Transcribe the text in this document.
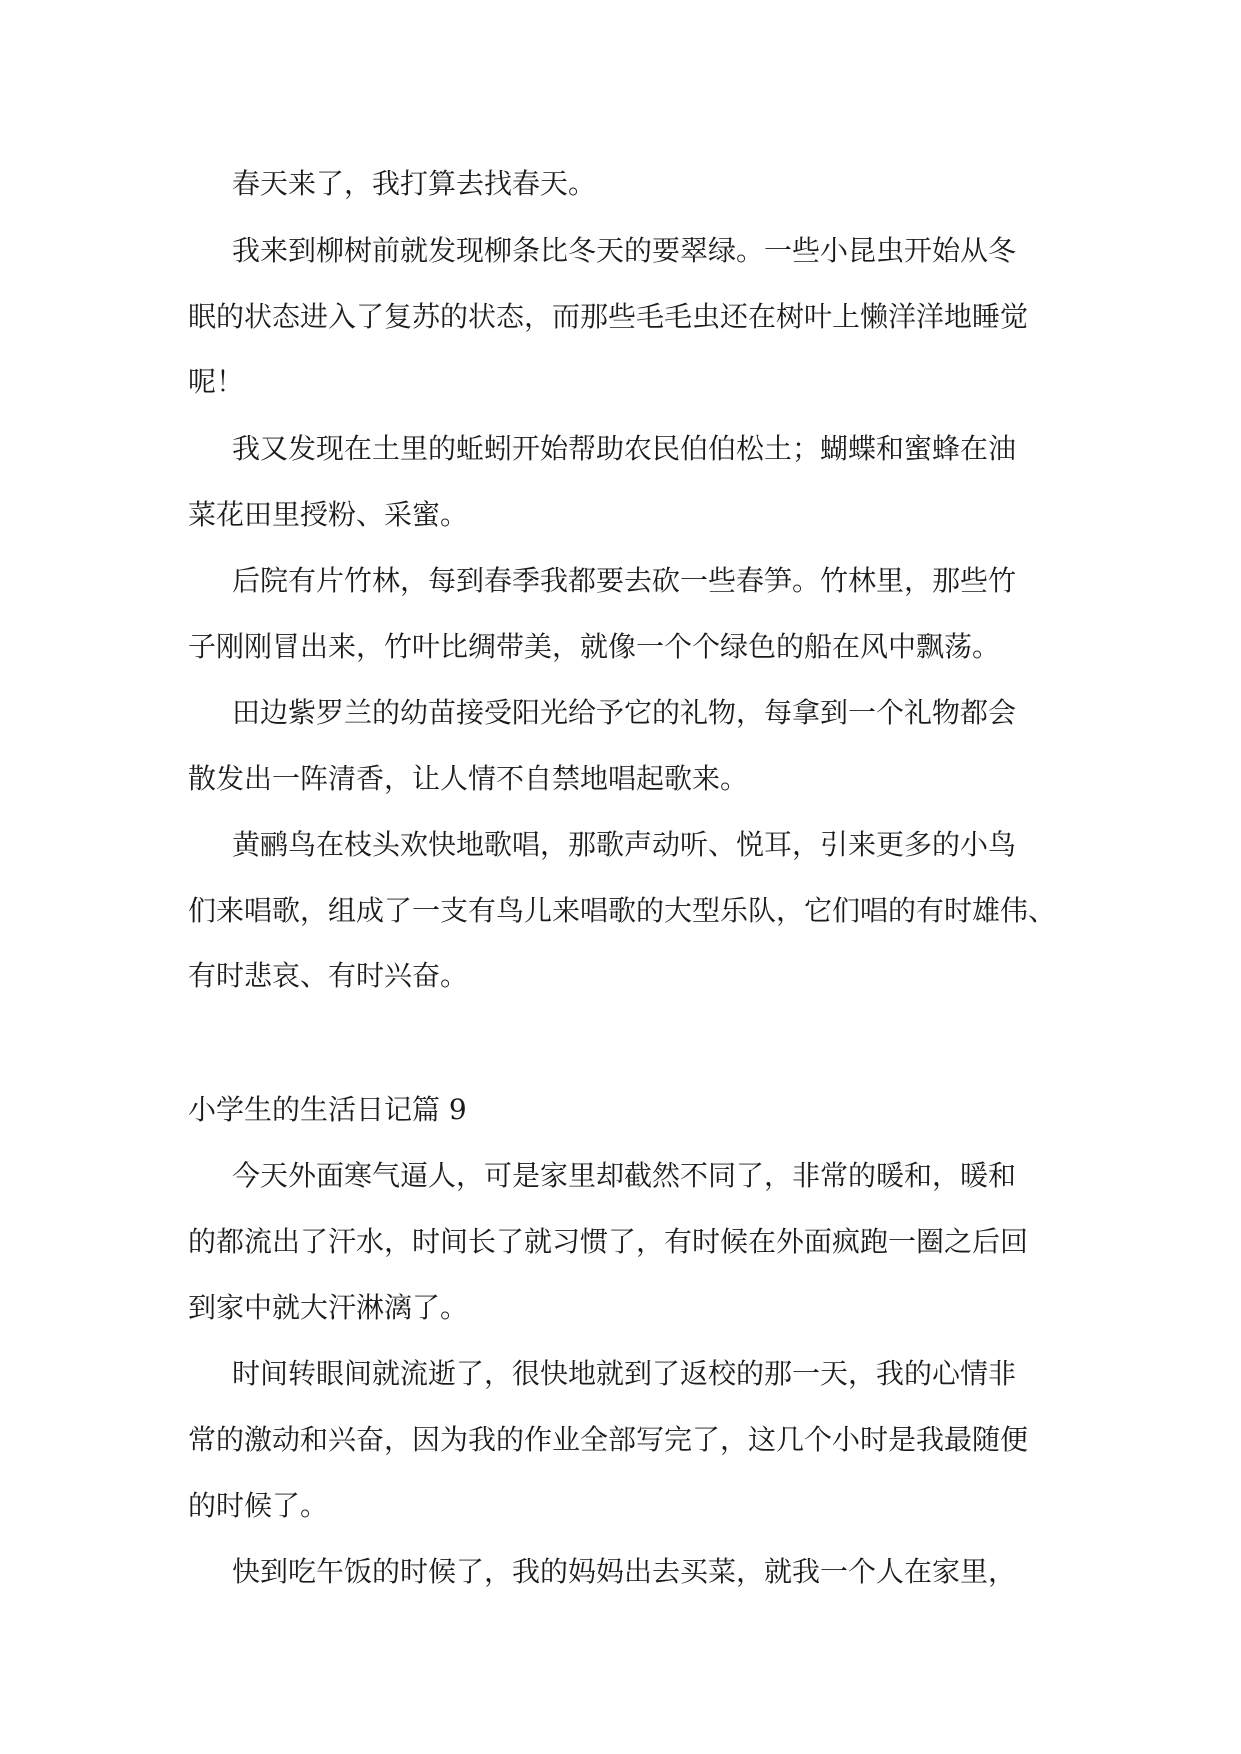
春天来了，我打算去找春天。
我来到柳树前就发现柳条比冬天的要翠绿。一些小昆虫开始从冬
眠的状态进入了复苏的状态，而那些毛毛虫还在树叶上懒洋洋地睡觉
呢！
我又发现在土里的蚯蚓开始帮助农民伯伯松土；蝴蝶和蜜蜂在油
菜花田里授粉、采蜜。
后院有片竹林，每到春季我都要去砍一些春笋。竹林里，那些竹
子刚刚冒出来，竹叶比绸带美，就像一个个绿色的船在风中飘荡。
田边紫罗兰的幼苗接受阳光给予它的礼物，每拿到一个礼物都会
散发出一阵清香，让人情不自禁地唱起歌来。
黄鹂鸟在枝头欢快地歌唱，那歌声动听、悦耳，引来更多的小鸟
们来唱歌，组成了一支有鸟儿来唱歌的大型乐队，它们唱的有时雄伟、
有时悲哀、有时兴奋。
小学生的生活日记篇 9
今天外面寒气逼人，可是家里却截然不同了，非常的暖和，暖和
的都流出了汗水，时间长了就习惯了，有时候在外面疯跑一圈之后回
到家中就大汗淋漓了。
时间转眼间就流逝了，很快地就到了返校的那一天，我的心情非
常的激动和兴奋，因为我的作业全部写完了，这几个小时是我最随便
的时候了。
快到吃午饭的时候了，我的妈妈出去买菜，就我一个人在家里，
